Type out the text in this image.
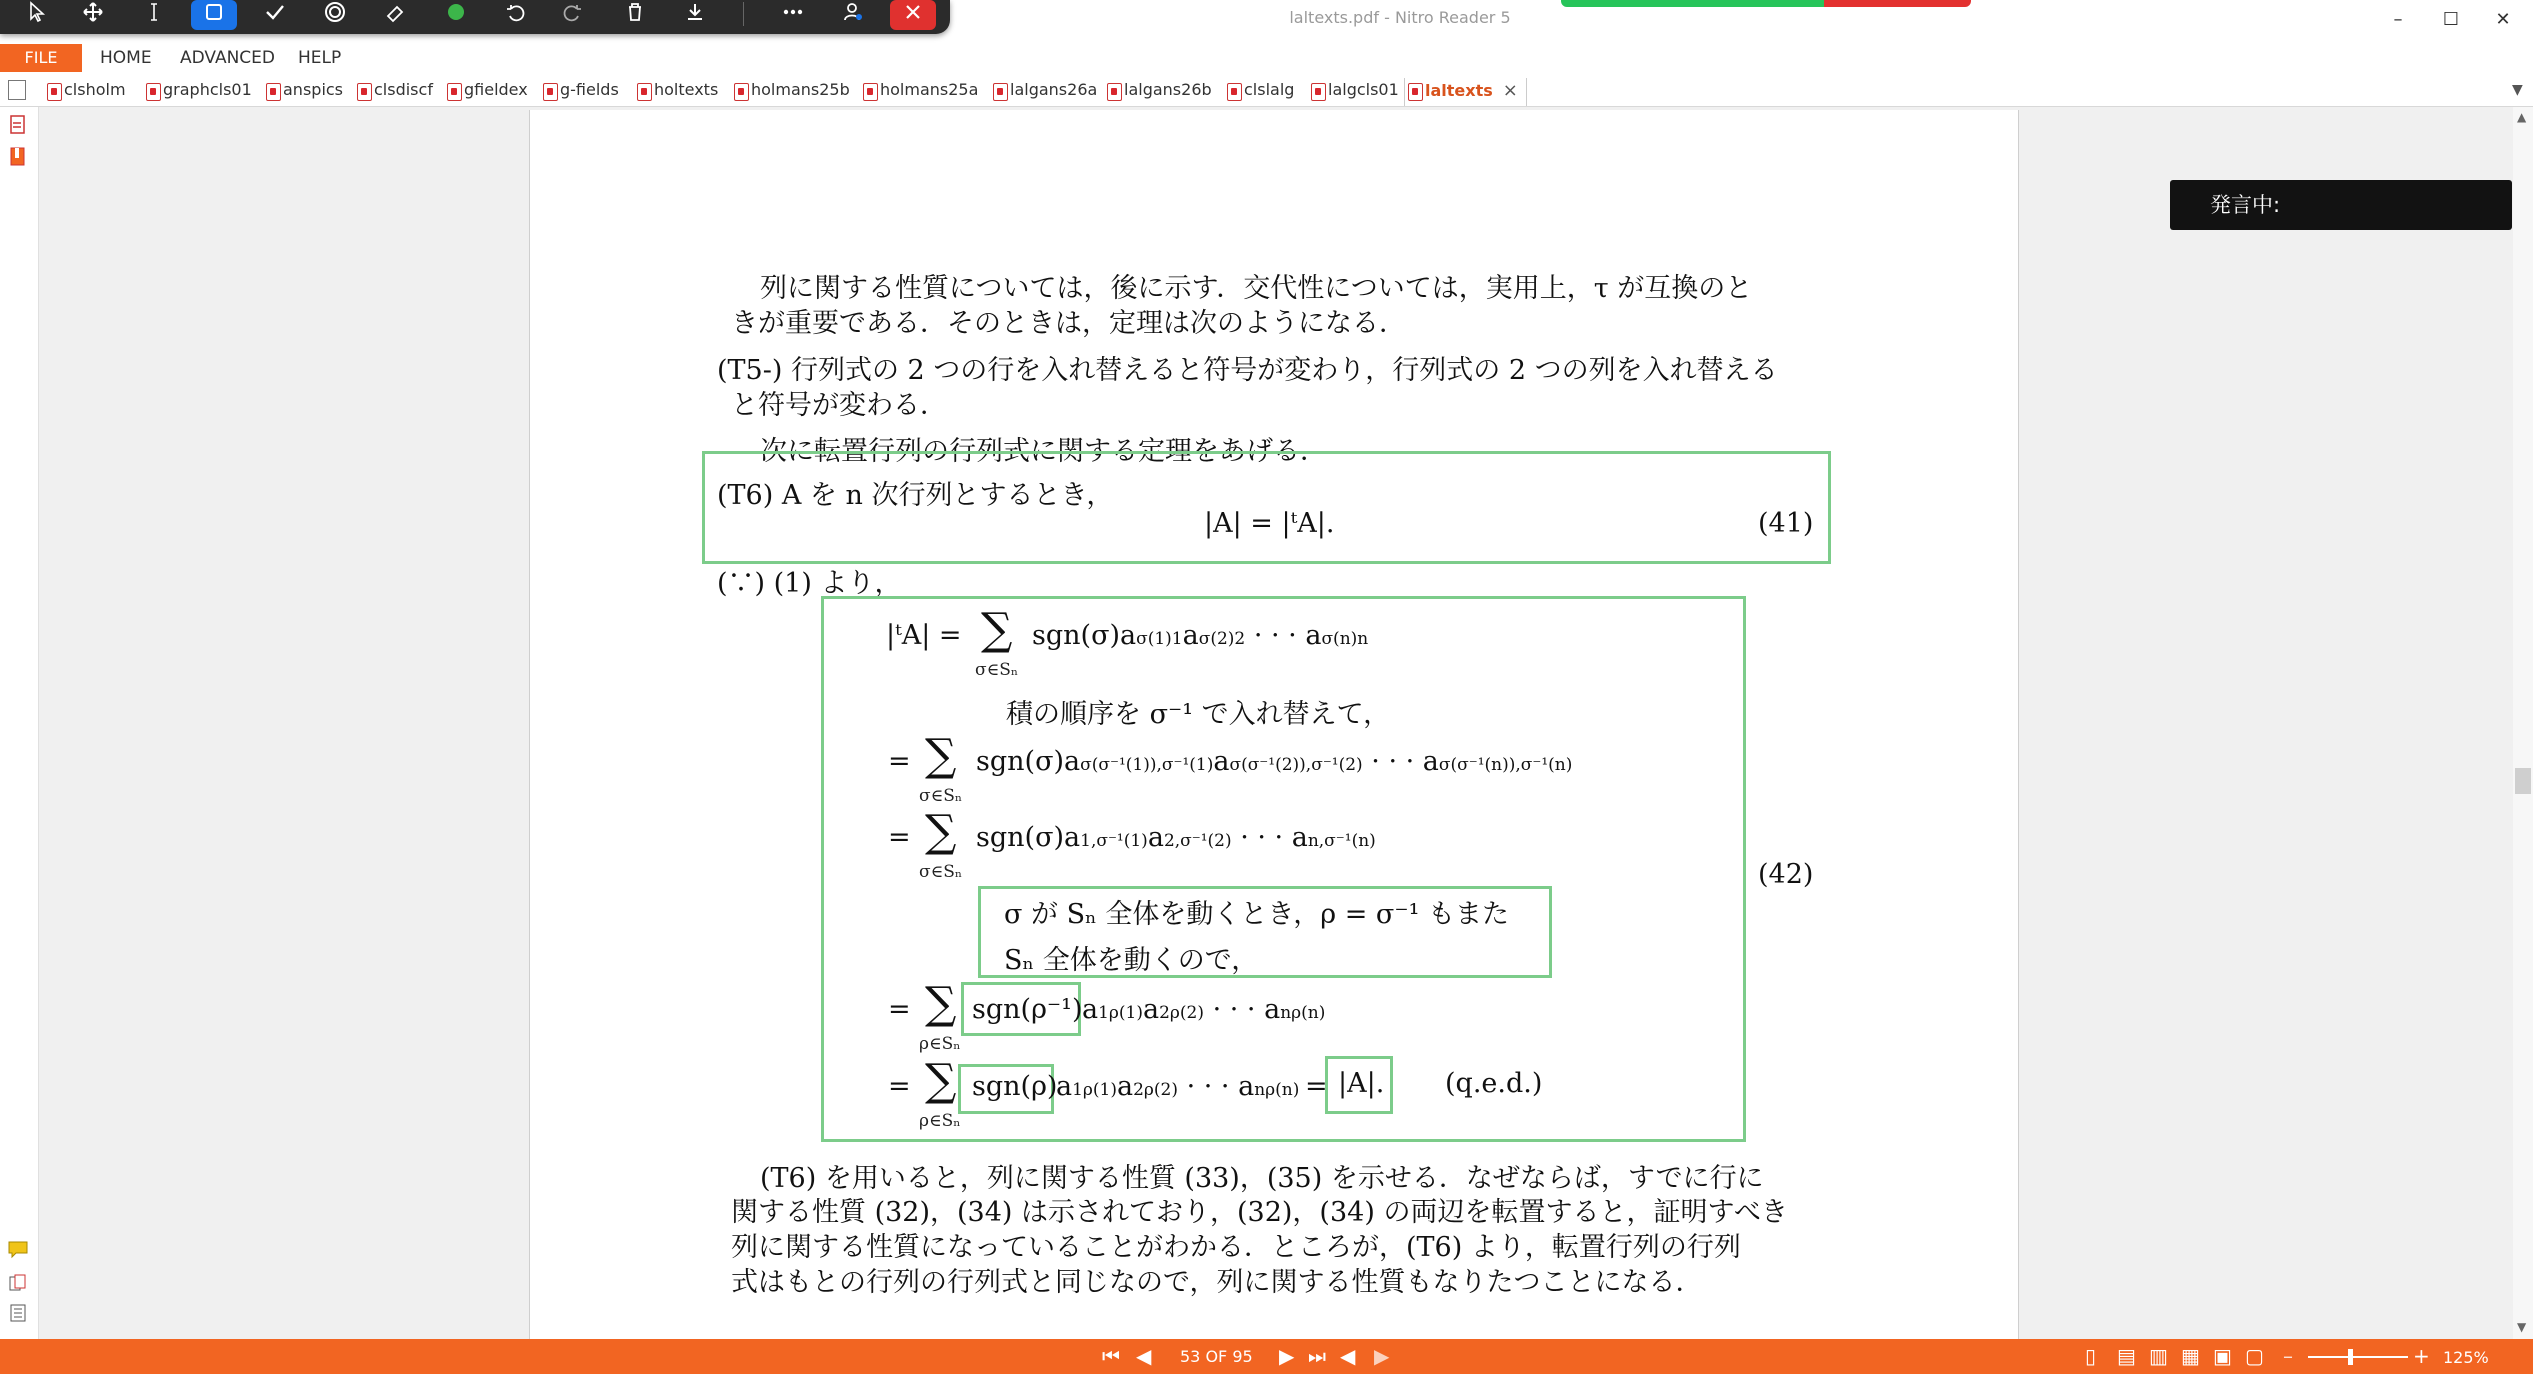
laltexts.pdf - Nitro Reader 5	–	☐	✕
FILE	HOME ADVANCED HELP
clsholm	graphcls01	anspics	clsdiscf	gfieldex	g-fields	holtexts	holmans25b	holmans25a	lalgans26a	lalgans26b	clslalg	lalgcls01	laltexts ×	▼
列に関する性質については，後に示す．交代性については，実用上，τ が互換のと
きが重要である．そのときは，定理は次のようになる．
(T5-) 行列式の 2 つの行を入れ替えると符号が変わり，行列式の 2 つの列を入れ替える
と符号が変わる．
次に転置行列の行列式に関する定理をあげる．
(T6) A を n 次行列とするとき，
|A| = |ᵗA|.	(41)
(∵) (1) より，
(42)
|ᵗA| = ∑
σ∈Sₙ
sgn(σ)aσ(1)1aσ(2)2 · · · aσ(n)n
積の順序を σ⁻¹ で入れ替えて，
= ∑
σ∈Sₙ
sgn(σ)aσ(σ⁻¹(1)),σ⁻¹(1)aσ(σ⁻¹(2)),σ⁻¹(2) · · · aσ(σ⁻¹(n)),σ⁻¹(n)
= ∑
σ∈Sₙ
sgn(σ)a1,σ⁻¹(1)a2,σ⁻¹(2) · · · an,σ⁻¹(n)
σ が Sₙ 全体を動くとき，ρ = σ⁻¹ もまた
Sₙ 全体を動くので，
= ∑
ρ∈Sₙ
sgn(ρ⁻¹) a1ρ(1)a2ρ(2) · · · anρ(n)
= ∑
ρ∈Sₙ
sgn(ρ)
a1ρ(1)a2ρ(2) · · · anρ(n) = |A|. (q.e.d.)
(T6) を用いると，列に関する性質 (33)，(35) を示せる．なぜならば，すでに行に
関する性質 (32)，(34) は示されており，(32)，(34) の両辺を転置すると，証明すべき
列に関する性質になっていることがわかる．ところが，(T6) より，転置行列の行列
式はもとの行列の行列式と同じなので，列に関する性質もなりたつことになる．
発言中:
▲
▼
⏮ ◀ 53 OF 95 ▶ ⏭ ◀ ▶	▯ ▤ ▥ ▦ ▣ ▢ –	+ 125%
